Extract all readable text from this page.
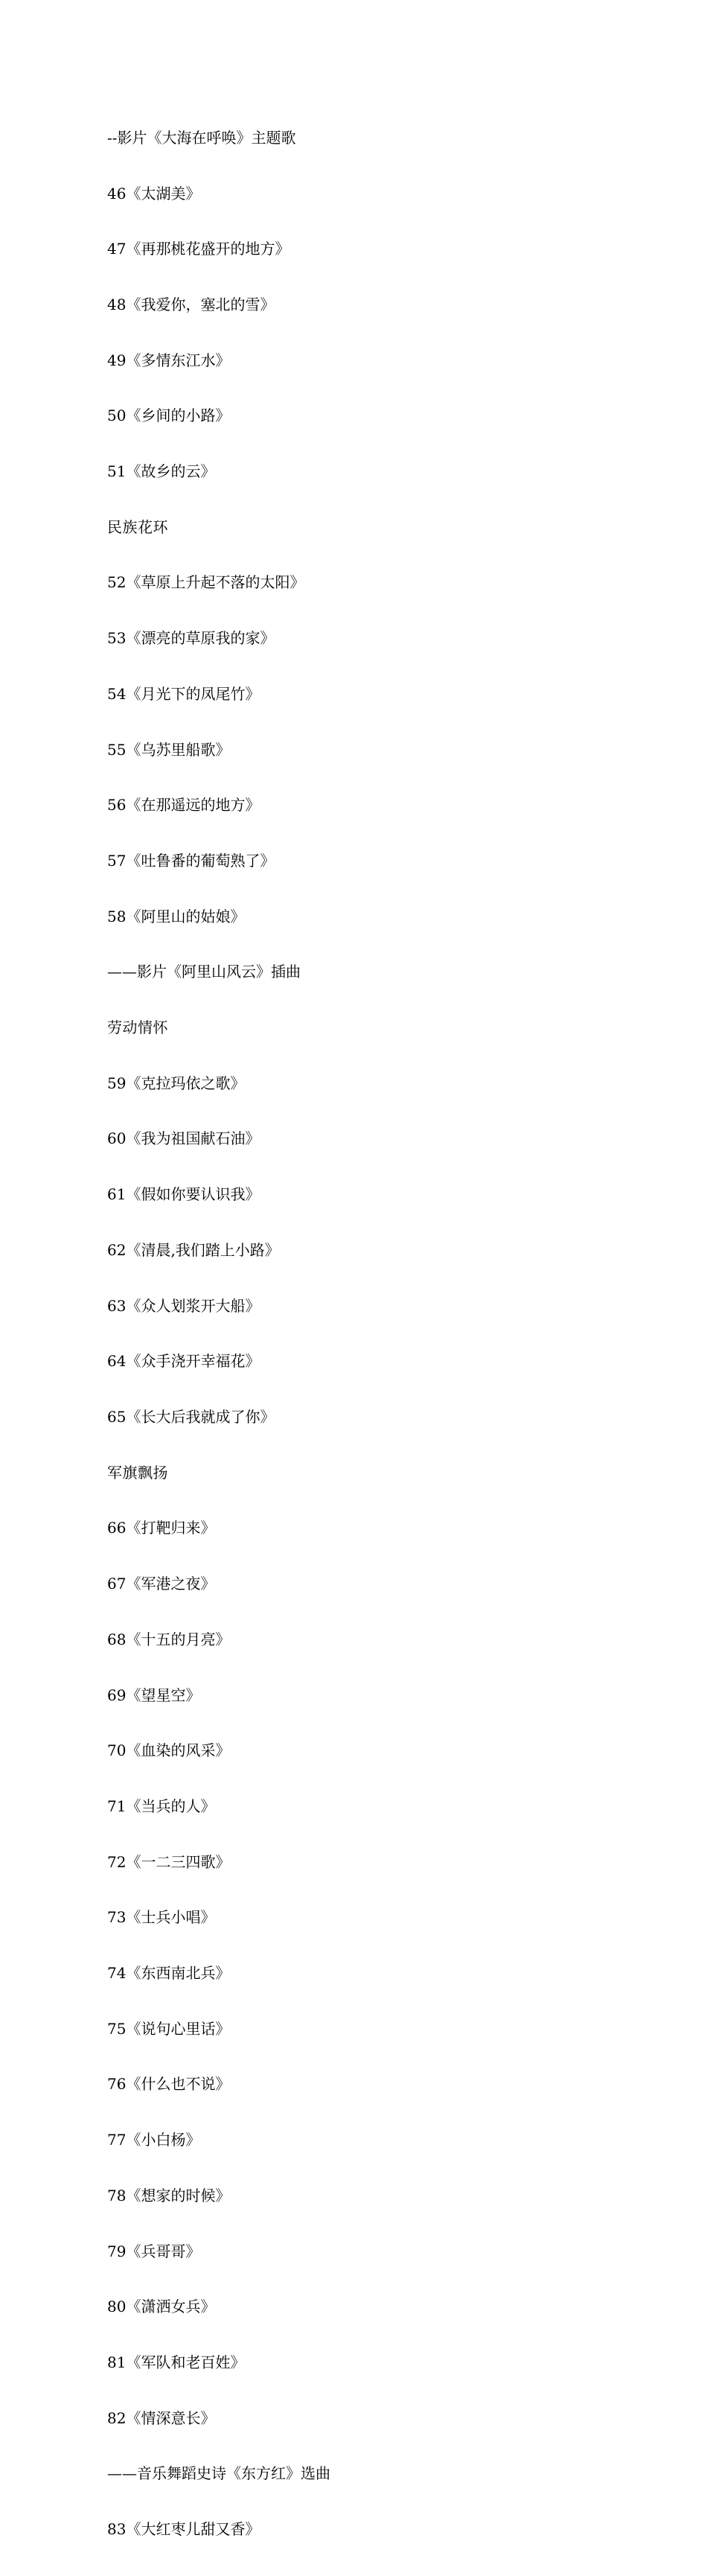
--影片《大海在呼唤》主题歌

46《太湖美》

47《再那桃花盛开的地方》

48《我爱你，塞北的雪》

49《多情东江水》

50《乡间的小路》

51《故乡的云》

民族花环

52《草原上升起不落的太阳》

53《漂亮的草原我的家》

54《月光下的凤尾竹》

55《乌苏里船歌》

56《在那遥远的地方》

57《吐鲁番的葡萄熟了》

58《阿里山的姑娘》

——影片《阿里山风云》插曲

劳动情怀

59《克拉玛依之歌》

60《我为祖国献石油》

61《假如你要认识我》

62《清晨,我们踏上小路》

63《众人划浆开大船》

64《众手浇开幸福花》

65《长大后我就成了你》

军旗飘扬

66《打靶归来》

67《军港之夜》

68《十五的月亮》

69《望星空》

70《血染的风采》

71《当兵的人》

72《一二三四歌》

73《士兵小唱》

74《东西南北兵》

75《说句心里话》

76《什么也不说》

77《小白杨》

78《想家的时候》

79《兵哥哥》

80《潇洒女兵》

81《军队和老百姓》

82《情深意长》

——音乐舞蹈史诗《东方红》选曲

83《大红枣儿甜又香》
